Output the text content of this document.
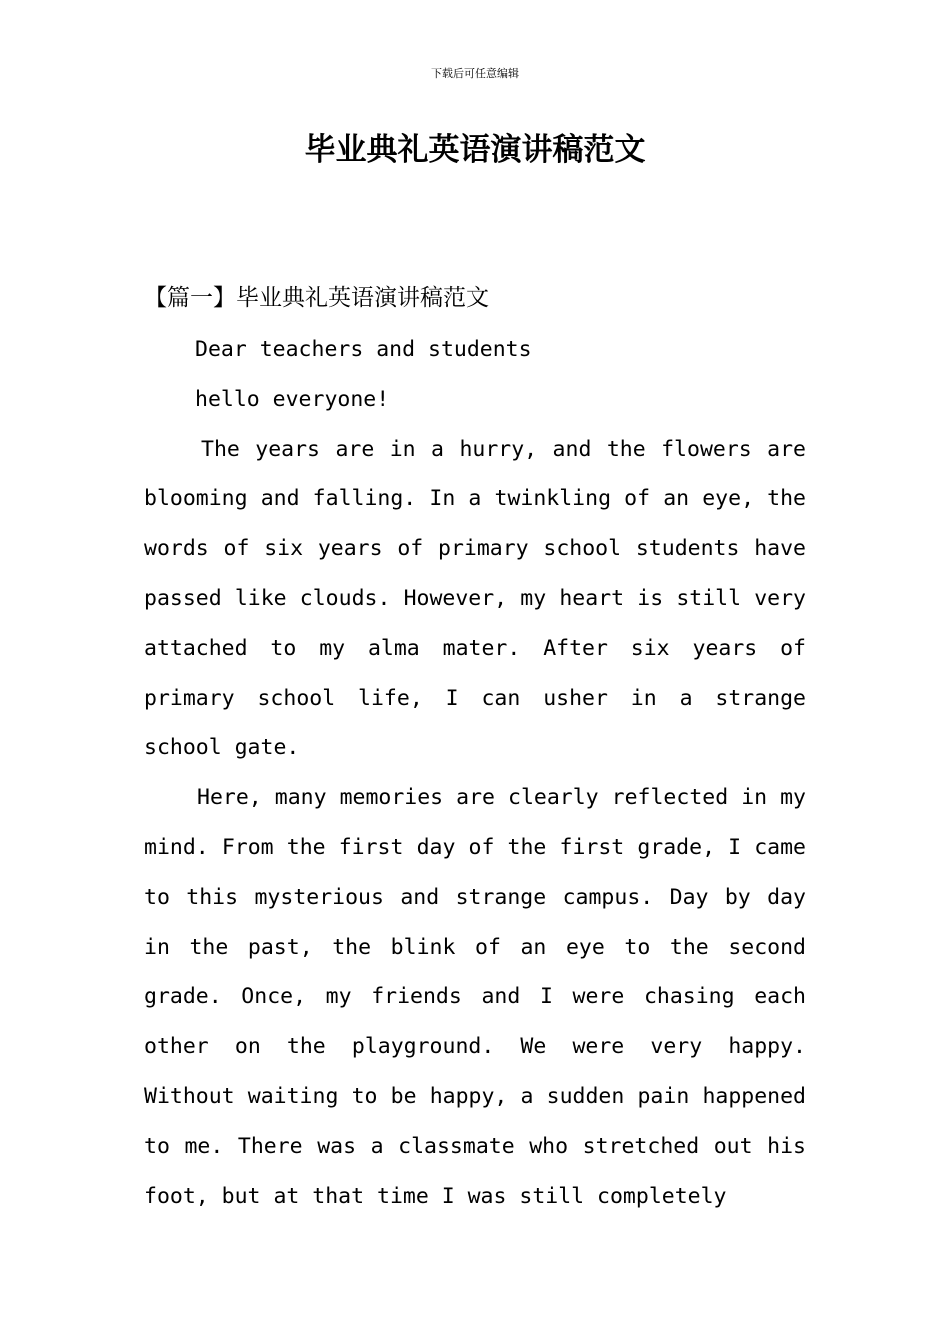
下载后可任意编辑
毕业典礼英语演讲稿范文
【篇一】毕业典礼英语演讲稿范文

Dear teachers and students

hello everyone!

The years are in a hurry, and the flowers are blooming and falling. In a twinkling of an eye, the words of six years of primary school students have passed like clouds. However, my heart is still very attached to my alma mater. After six years of primary school life, I can usher in a strange school gate.

Here, many memories are clearly reflected in my mind. From the first day of the first grade, I came to this mysterious and strange campus. Day by day in the past, the blink of an eye to the second grade. Once, my friends and I were chasing each other on the playground. We were very happy. Without waiting to be happy, a sudden pain happened to me. There was a classmate who stretched out his foot, but at that time I was still completely
